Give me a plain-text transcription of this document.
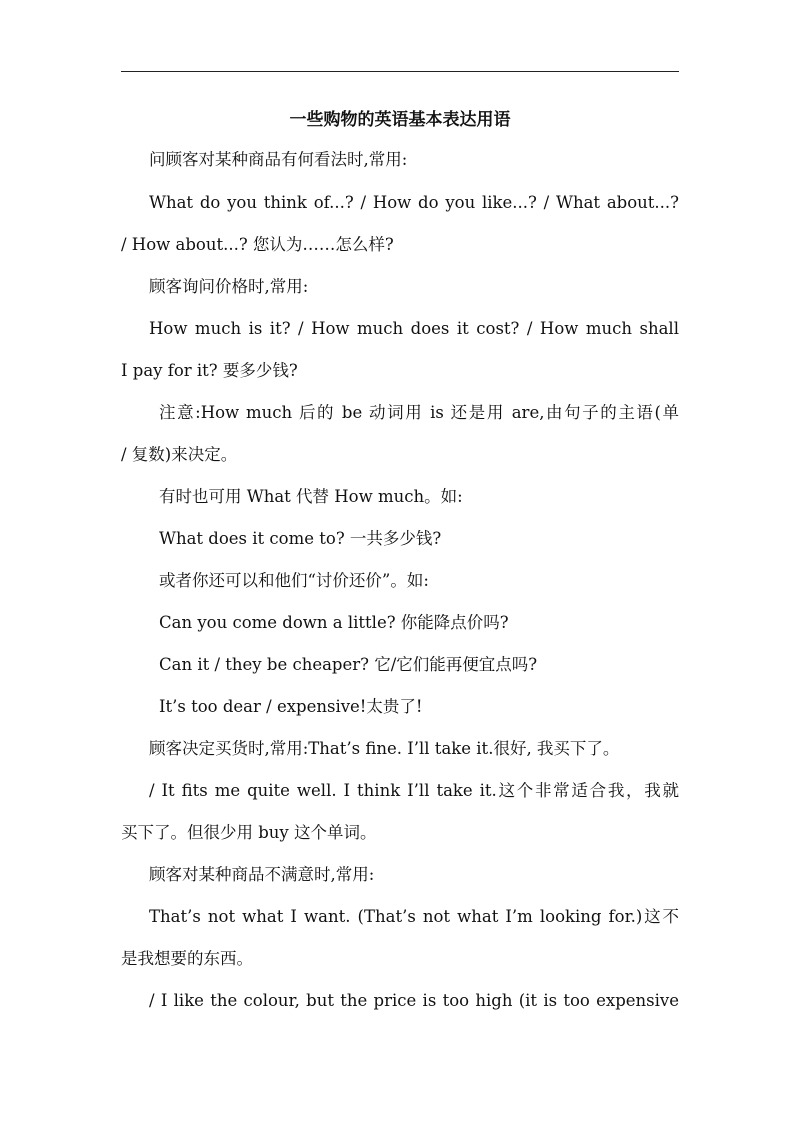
一些购物的英语基本表达用语
问顾客对某种商品有何看法时,常用:
What do you think of...? / How do you like...? / What about...?
/ How about...? 您认为……怎么样?
顾客询问价格时,常用:
How much is it? / How much does it cost? / How much shall
I pay for it? 要多少钱?
注意:How much 后的 be 动词用 is 还是用 are,由句子的主语(单
/ 复数)来决定。
有时也可用 What 代替 How much。如:
What does it come to? 一共多少钱?
或者你还可以和他们“讨价还价”。如:
Can you come down a little? 你能降点价吗?
Can it / they be cheaper? 它/它们能再便宜点吗?
It’s too dear / expensive!太贵了!
顾客决定买货时,常用:That’s fine. I’ll take it.很好, 我买下了。
/ It fits me quite well. I think I’ll take it.这个非常适合我，我就
买下了。但很少用 buy 这个单词。
顾客对某种商品不满意时,常用:
That’s not what I want. (That’s not what I’m looking for.)这不
是我想要的东西。
/ I like the colour, but the price is too high (it is too expensive
